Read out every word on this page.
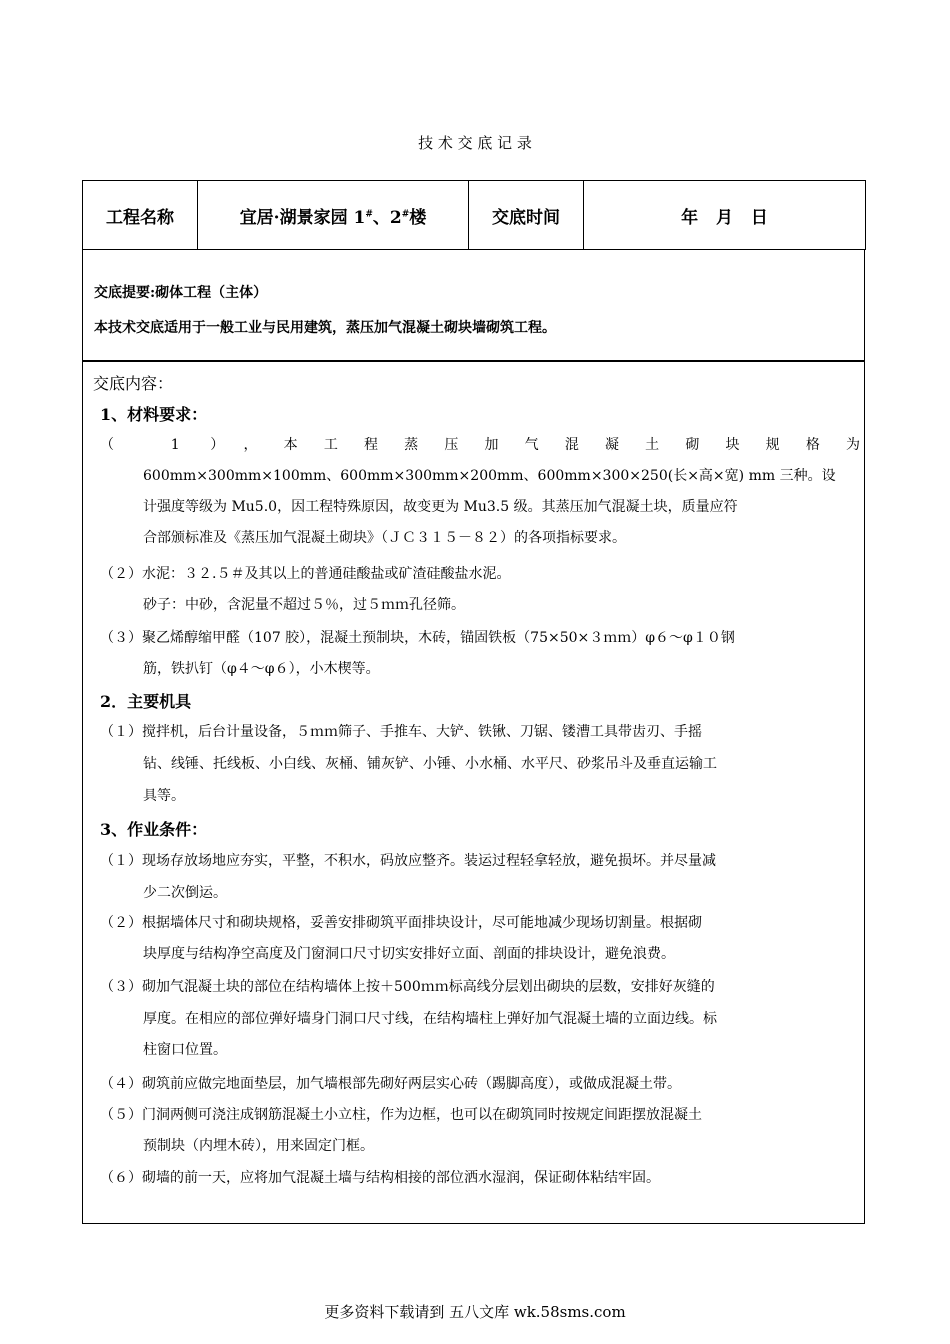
技 术 交 底 记 录
工程名称	宜居·湖景家园 1#、2#楼	交底时间	年 月 日
交底提要:砌体工程（主体）
本技术交底适用于一般工业与民用建筑，蒸压加气混凝土砌块墙砌筑工程。
交底内容：
1、材料要求：
（ 1 ），本工程蒸压加气混凝土砌块规格为
600mm×300mm×100mm、600mm×300mm×200mm、600mm×300×250(长×高×宽) mm 三种。设
计强度等级为 Mu5.0，因工程特殊原因，故变更为 Mu3.5 级。其蒸压加气混凝土块，质量应符
合部颁标准及《蒸压加气混凝土砌块》（ＪＣ３１５－８２）的各项指标要求。
（２）水泥：３２.５＃及其以上的普通硅酸盐或矿渣硅酸盐水泥。
砂子：中砂，含泥量不超过５％，过５ｍｍ孔径筛。
（３）聚乙烯醇缩甲醛（107 胶），混凝土预制块，木砖，锚固铁板（75×50×３ｍｍ）φ６～φ１０钢
筋，铁扒钉（φ４～φ６），小木楔等。
2．主要机具
（１）搅拌机，后台计量设备，５ｍｍ筛子、手推车、大铲、铁锹、刀锯、镂漕工具带齿刃、手摇
钻、线锤、托线板、小白线、灰桶、铺灰铲、小锤、小水桶、水平尺、砂浆吊斗及垂直运输工
具等。
3、作业条件：
（１）现场存放场地应夯实，平整，不积水，码放应整齐。装运过程轻拿轻放，避免损坏。并尽量减
少二次倒运。
（２）根据墙体尺寸和砌块规格，妥善安排砌筑平面排块设计，尽可能地减少现场切割量。根据砌
块厚度与结构净空高度及门窗洞口尺寸切实安排好立面、剖面的排块设计，避免浪费。
（３）砌加气混凝土块的部位在结构墙体上按＋500ｍｍ标高线分层划出砌块的层数，安排好灰缝的
厚度。在相应的部位弹好墙身门洞口尺寸线，在结构墙柱上弹好加气混凝土墙的立面边线。标
柱窗口位置。
（４）砌筑前应做完地面垫层，加气墙根部先砌好两层实心砖（踢脚高度），或做成混凝土带。
（５）门洞两侧可浇注成钢筋混凝土小立柱，作为边框，也可以在砌筑同时按规定间距摆放混凝土
预制块（内埋木砖），用来固定门框。
（６）砌墙的前一天，应将加气混凝土墙与结构相接的部位洒水湿润，保证砌体粘结牢固。
更多资料下载请到 五八文库 wk.58sms.com
